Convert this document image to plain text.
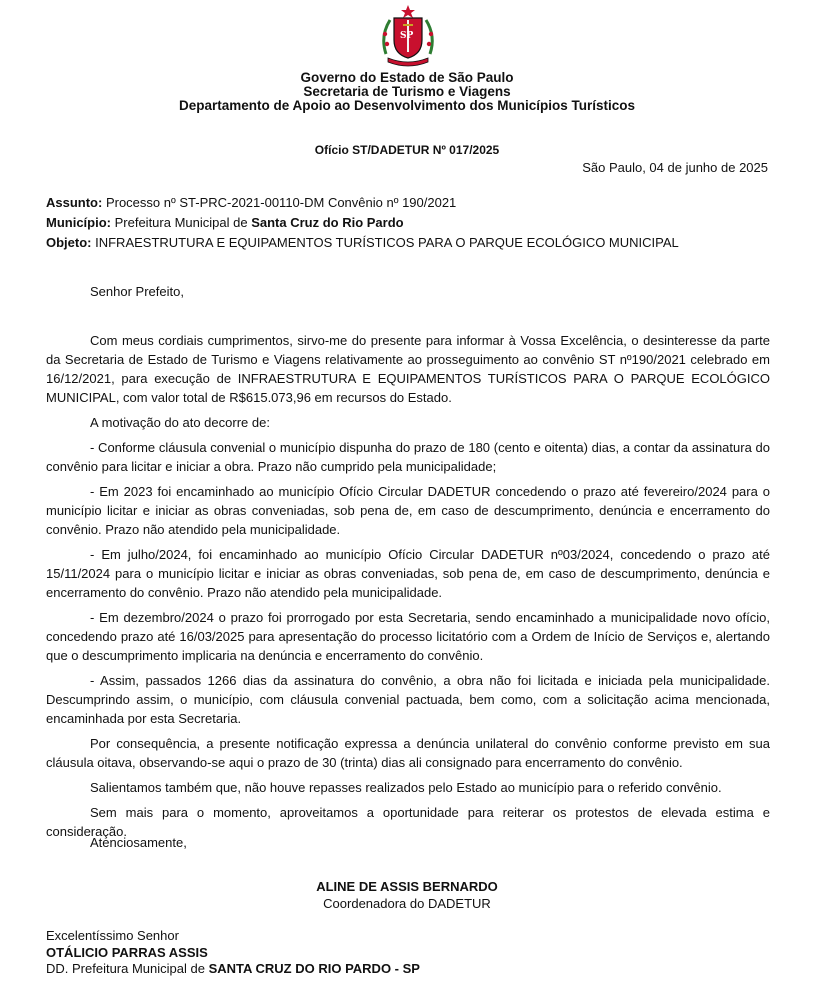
SP
Governo do Estado de São Paulo
Secretaria de Turismo e Viagens
Departamento de Apoio ao Desenvolvimento dos Municípios Turísticos
Ofício ST/DADETUR Nº 017/2025
São Paulo, 04 de junho de 2025
Assunto: Processo nº ST-PRC-2021-00110-DM Convênio nº 190/2021
Município: Prefeitura Municipal de Santa Cruz do Rio Pardo
Objeto: INFRAESTRUTURA E EQUIPAMENTOS TURÍSTICOS PARA O PARQUE ECOLÓGICO MUNICIPAL
Senhor Prefeito,

Com meus cordiais cumprimentos, sirvo-me do presente para informar à Vossa Excelência, o desinteresse da parte da Secretaria de Estado de Turismo e Viagens relativamente ao prosseguimento ao convênio ST nº190/2021 celebrado em 16/12/2021, para execução de INFRAESTRUTURA E EQUIPAMENTOS TURÍSTICOS PARA O PARQUE ECOLÓGICO MUNICIPAL, com valor total de R$615.073,96 em recursos do Estado.

A motivação do ato decorre de:

- Conforme cláusula convenial o município dispunha do prazo de 180 (cento e oitenta) dias, a contar da assinatura do convênio para licitar e iniciar a obra. Prazo não cumprido pela municipalidade;

- Em 2023 foi encaminhado ao município Ofício Circular DADETUR concedendo o prazo até fevereiro/2024 para o município licitar e iniciar as obras conveniadas, sob pena de, em caso de descumprimento, denúncia e encerramento do convênio. Prazo não atendido pela municipalidade.

- Em julho/2024, foi encaminhado ao município Ofício Circular DADETUR nº03/2024, concedendo o prazo até 15/11/2024 para o município licitar e iniciar as obras conveniadas, sob pena de, em caso de descumprimento, denúncia e encerramento do convênio. Prazo não atendido pela municipalidade.

- Em dezembro/2024 o prazo foi prorrogado por esta Secretaria, sendo encaminhado a municipalidade novo ofício, concedendo prazo até 16/03/2025 para apresentação do processo licitatório com a Ordem de Início de Serviços e, alertando que o descumprimento implicaria na denúncia e encerramento do convênio.

- Assim, passados 1266 dias da assinatura do convênio, a obra não foi licitada e iniciada pela municipalidade. Descumprindo assim, o município, com cláusula convenial pactuada, bem como, com a solicitação acima mencionada, encaminhada por esta Secretaria.

Por consequência, a presente notificação expressa a denúncia unilateral do convênio conforme previsto em sua cláusula oitava, observando-se aqui o prazo de 30 (trinta) dias ali consignado para encerramento do convênio.

Salientamos também que, não houve repasses realizados pelo Estado ao município para o referido convênio.

Sem mais para o momento, aproveitamos a oportunidade para reiterar os protestos de elevada estima e consideração.

Atenciosamente,
ALINE DE ASSIS BERNARDO
Coordenadora do DADETUR
Excelentíssimo Senhor
OTÁLICIO PARRAS ASSIS
DD. Prefeitura Municipal de SANTA CRUZ DO RIO PARDO - SP
